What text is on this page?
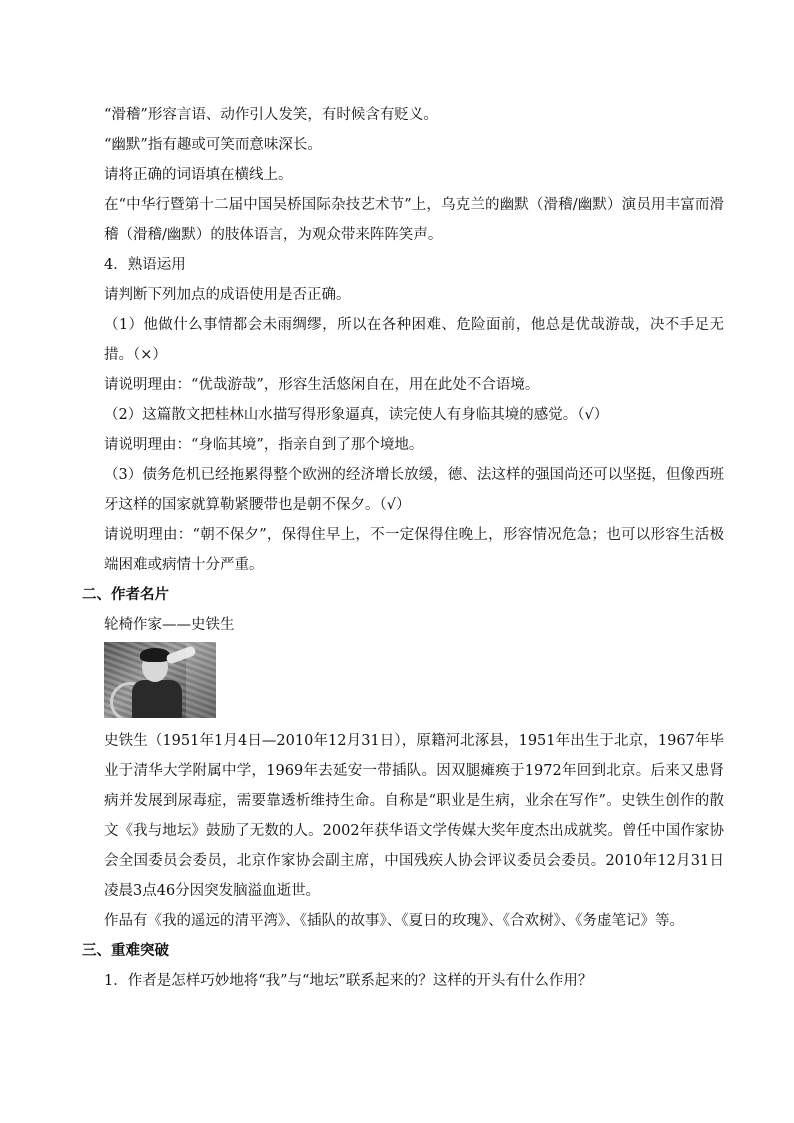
“滑稽”形容言语、动作引人发笑，有时候含有贬义。

“幽默”指有趣或可笑而意味深长。

请将正确的词语填在横线上。

在“中华行暨第十二届中国吴桥国际杂技艺术节”上，乌克兰的幽默（滑稽/幽默）演员用丰富而滑稽（滑稽/幽默）的肢体语言，为观众带来阵阵笑声。

4．熟语运用

请判断下列加点的成语使用是否正确。

（1）他做什么事情都会未雨绸缪，所以在各种困难、危险面前，他总是优哉游哉，决不手足无措。（×）

请说明理由：“优哉游哉”，形容生活悠闲自在，用在此处不合语境。

（2）这篇散文把桂林山水描写得形象逼真，读完使人有身临其境的感觉。（√）

请说明理由：“身临其境”，指亲自到了那个境地。

（3）债务危机已经拖累得整个欧洲的经济增长放缓，德、法这样的强国尚还可以坚挺，但像西班牙这样的国家就算勒紧腰带也是朝不保夕。（√）

请说明理由：“朝不保夕”，保得住早上，不一定保得住晚上，形容情况危急；也可以形容生活极端困难或病情十分严重。

二、作者名片

轮椅作家——史铁生

史铁生（1951年1月4日—2010年12月31日），原籍河北涿县，1951年出生于北京，1967年毕业于清华大学附属中学，1969年去延安一带插队。因双腿瘫痪于1972年回到北京。后来又患肾病并发展到尿毒症，需要靠透析维持生命。自称是“职业是生病，业余在写作”。史铁生创作的散文《我与地坛》鼓励了无数的人。2002年获华语文学传媒大奖年度杰出成就奖。曾任中国作家协会全国委员会委员，北京作家协会副主席，中国残疾人协会评议委员会委员。2010年12月31日凌晨3点46分因突发脑溢血逝世。

作品有《我的遥远的清平湾》、《插队的故事》、《夏日的玫瑰》、《合欢树》、《务虚笔记》等。

三、重难突破

1．作者是怎样巧妙地将“我”与“地坛”联系起来的？这样的开头有什么作用？
